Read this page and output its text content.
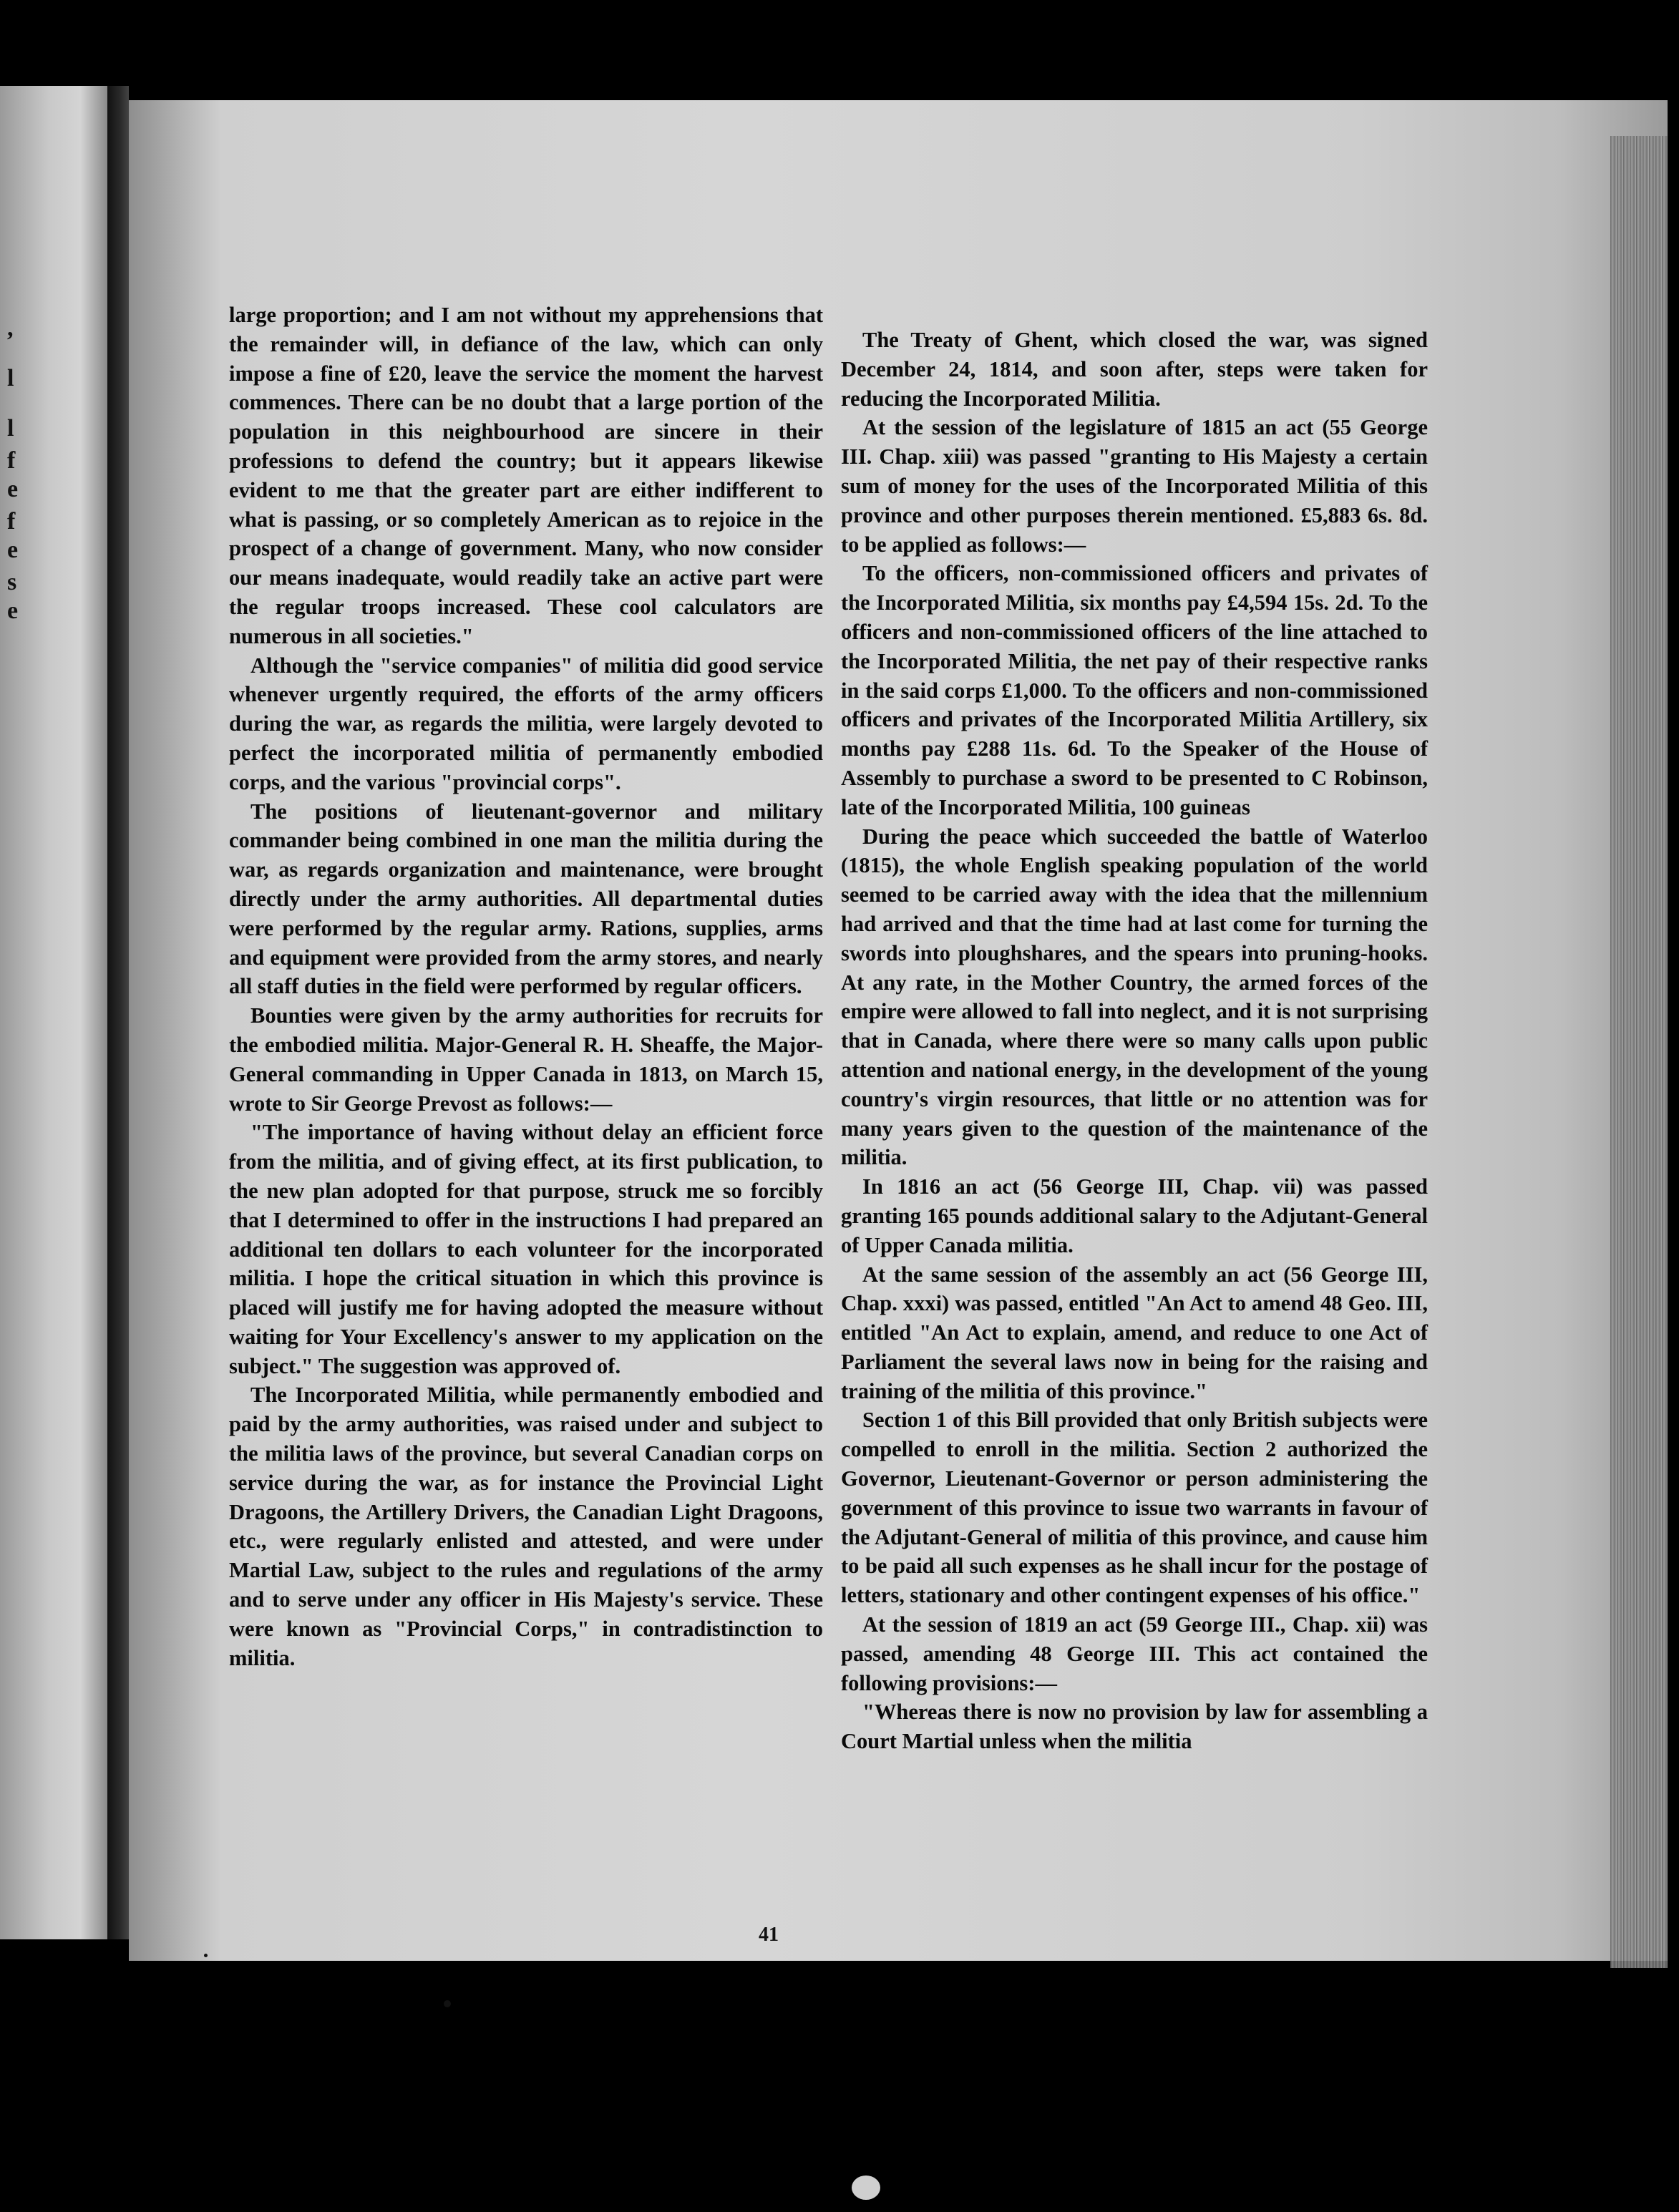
,
l
l
f
e
f
e
s
e

large proportion; and I am not without my apprehensions that the remainder will, in defiance of the law, which can only impose a fine of £20, leave the service the moment the harvest commences. There can be no doubt that a large portion of the population in this neighbourhood are sincere in their professions to defend the country; but it appears likewise evident to me that the greater part are either indifferent to what is passing, or so completely American as to rejoice in the prospect of a change of government. Many, who now consider our means inadequate, would readily take an active part were the regular troops increased. These cool calculators are numerous in all societies."

Although the "service companies" of militia did good service whenever urgently required, the efforts of the army officers during the war, as regards the militia, were largely devoted to perfect the incorporated militia of permanently embodied corps, and the various "provincial corps".

The positions of lieutenant-governor and military commander being combined in one man the militia during the war, as regards organization and maintenance, were brought directly under the army authorities. All departmental duties were performed by the regular army. Rations, supplies, arms and equipment were provided from the army stores, and nearly all staff duties in the field were performed by regular officers.

Bounties were given by the army authorities for recruits for the embodied militia. Major-General R. H. Sheaffe, the Major-General commanding in Upper Canada in 1813, on March 15, wrote to Sir George Prevost as follows:—

"The importance of having without delay an efficient force from the militia, and of giving effect, at its first publication, to the new plan adopted for that purpose, struck me so forcibly that I determined to offer in the instructions I had prepared an additional ten dollars to each volunteer for the incorporated militia. I hope the critical situation in which this province is placed will justify me for having adopted the measure without waiting for Your Excellency's answer to my application on the subject." The suggestion was approved of.

The Incorporated Militia, while permanently embodied and paid by the army authorities, was raised under and subject to the militia laws of the province, but several Canadian corps on service during the war, as for instance the Provincial Light Dragoons, the Artillery Drivers, the Canadian Light Dragoons, etc., were regularly enlisted and attested, and were under Martial Law, subject to the rules and regulations of the army and to serve under any officer in His Majesty's service. These were known as "Provincial Corps," in contradistinction to militia.

The Treaty of Ghent, which closed the war, was signed December 24, 1814, and soon after, steps were taken for reducing the Incorporated Militia.

At the session of the legislature of 1815 an act (55 George III. Chap. xiii) was passed "granting to His Majesty a certain sum of money for the uses of the Incorporated Militia of this province and other purposes therein mentioned. £5,883 6s. 8d. to be applied as follows:—

To the officers, non-commissioned officers and privates of the Incorporated Militia, six months pay £4,594 15s. 2d. To the officers and non-commissioned officers of the line attached to the Incorporated Militia, the net pay of their respective ranks in the said corps £1,000. To the officers and non-commissioned officers and privates of the Incorporated Militia Artillery, six months pay £288 11s. 6d. To the Speaker of the House of Assembly to purchase a sword to be presented to C Robinson, late of the Incorporated Militia, 100 guineas

During the peace which succeeded the battle of Waterloo (1815), the whole English speaking population of the world seemed to be carried away with the idea that the millennium had arrived and that the time had at last come for turning the swords into ploughshares, and the spears into pruning-hooks. At any rate, in the Mother Country, the armed forces of the empire were allowed to fall into neglect, and it is not surprising that in Canada, where there were so many calls upon public attention and national energy, in the development of the young country's virgin resources, that little or no attention was for many years given to the question of the maintenance of the militia.

In 1816 an act (56 George III, Chap. vii) was passed granting 165 pounds additional salary to the Adjutant-General of Upper Canada militia.

At the same session of the assembly an act (56 George III, Chap. xxxi) was passed, entitled "An Act to amend 48 Geo. III, entitled "An Act to explain, amend, and reduce to one Act of Parliament the several laws now in being for the raising and training of the militia of this province."

Section 1 of this Bill provided that only British subjects were compelled to enroll in the militia. Section 2 authorized the Governor, Lieutenant-Governor or person administering the government of this province to issue two warrants in favour of the Adjutant-General of militia of this province, and cause him to be paid all such expenses as he shall incur for the postage of letters, stationary and other contingent expenses of his office."

At the session of 1819 an act (59 George III., Chap. xii) was passed, amending 48 George III. This act contained the following provisions:—

"Whereas there is now no provision by law for assembling a Court Martial unless when the militia

41
